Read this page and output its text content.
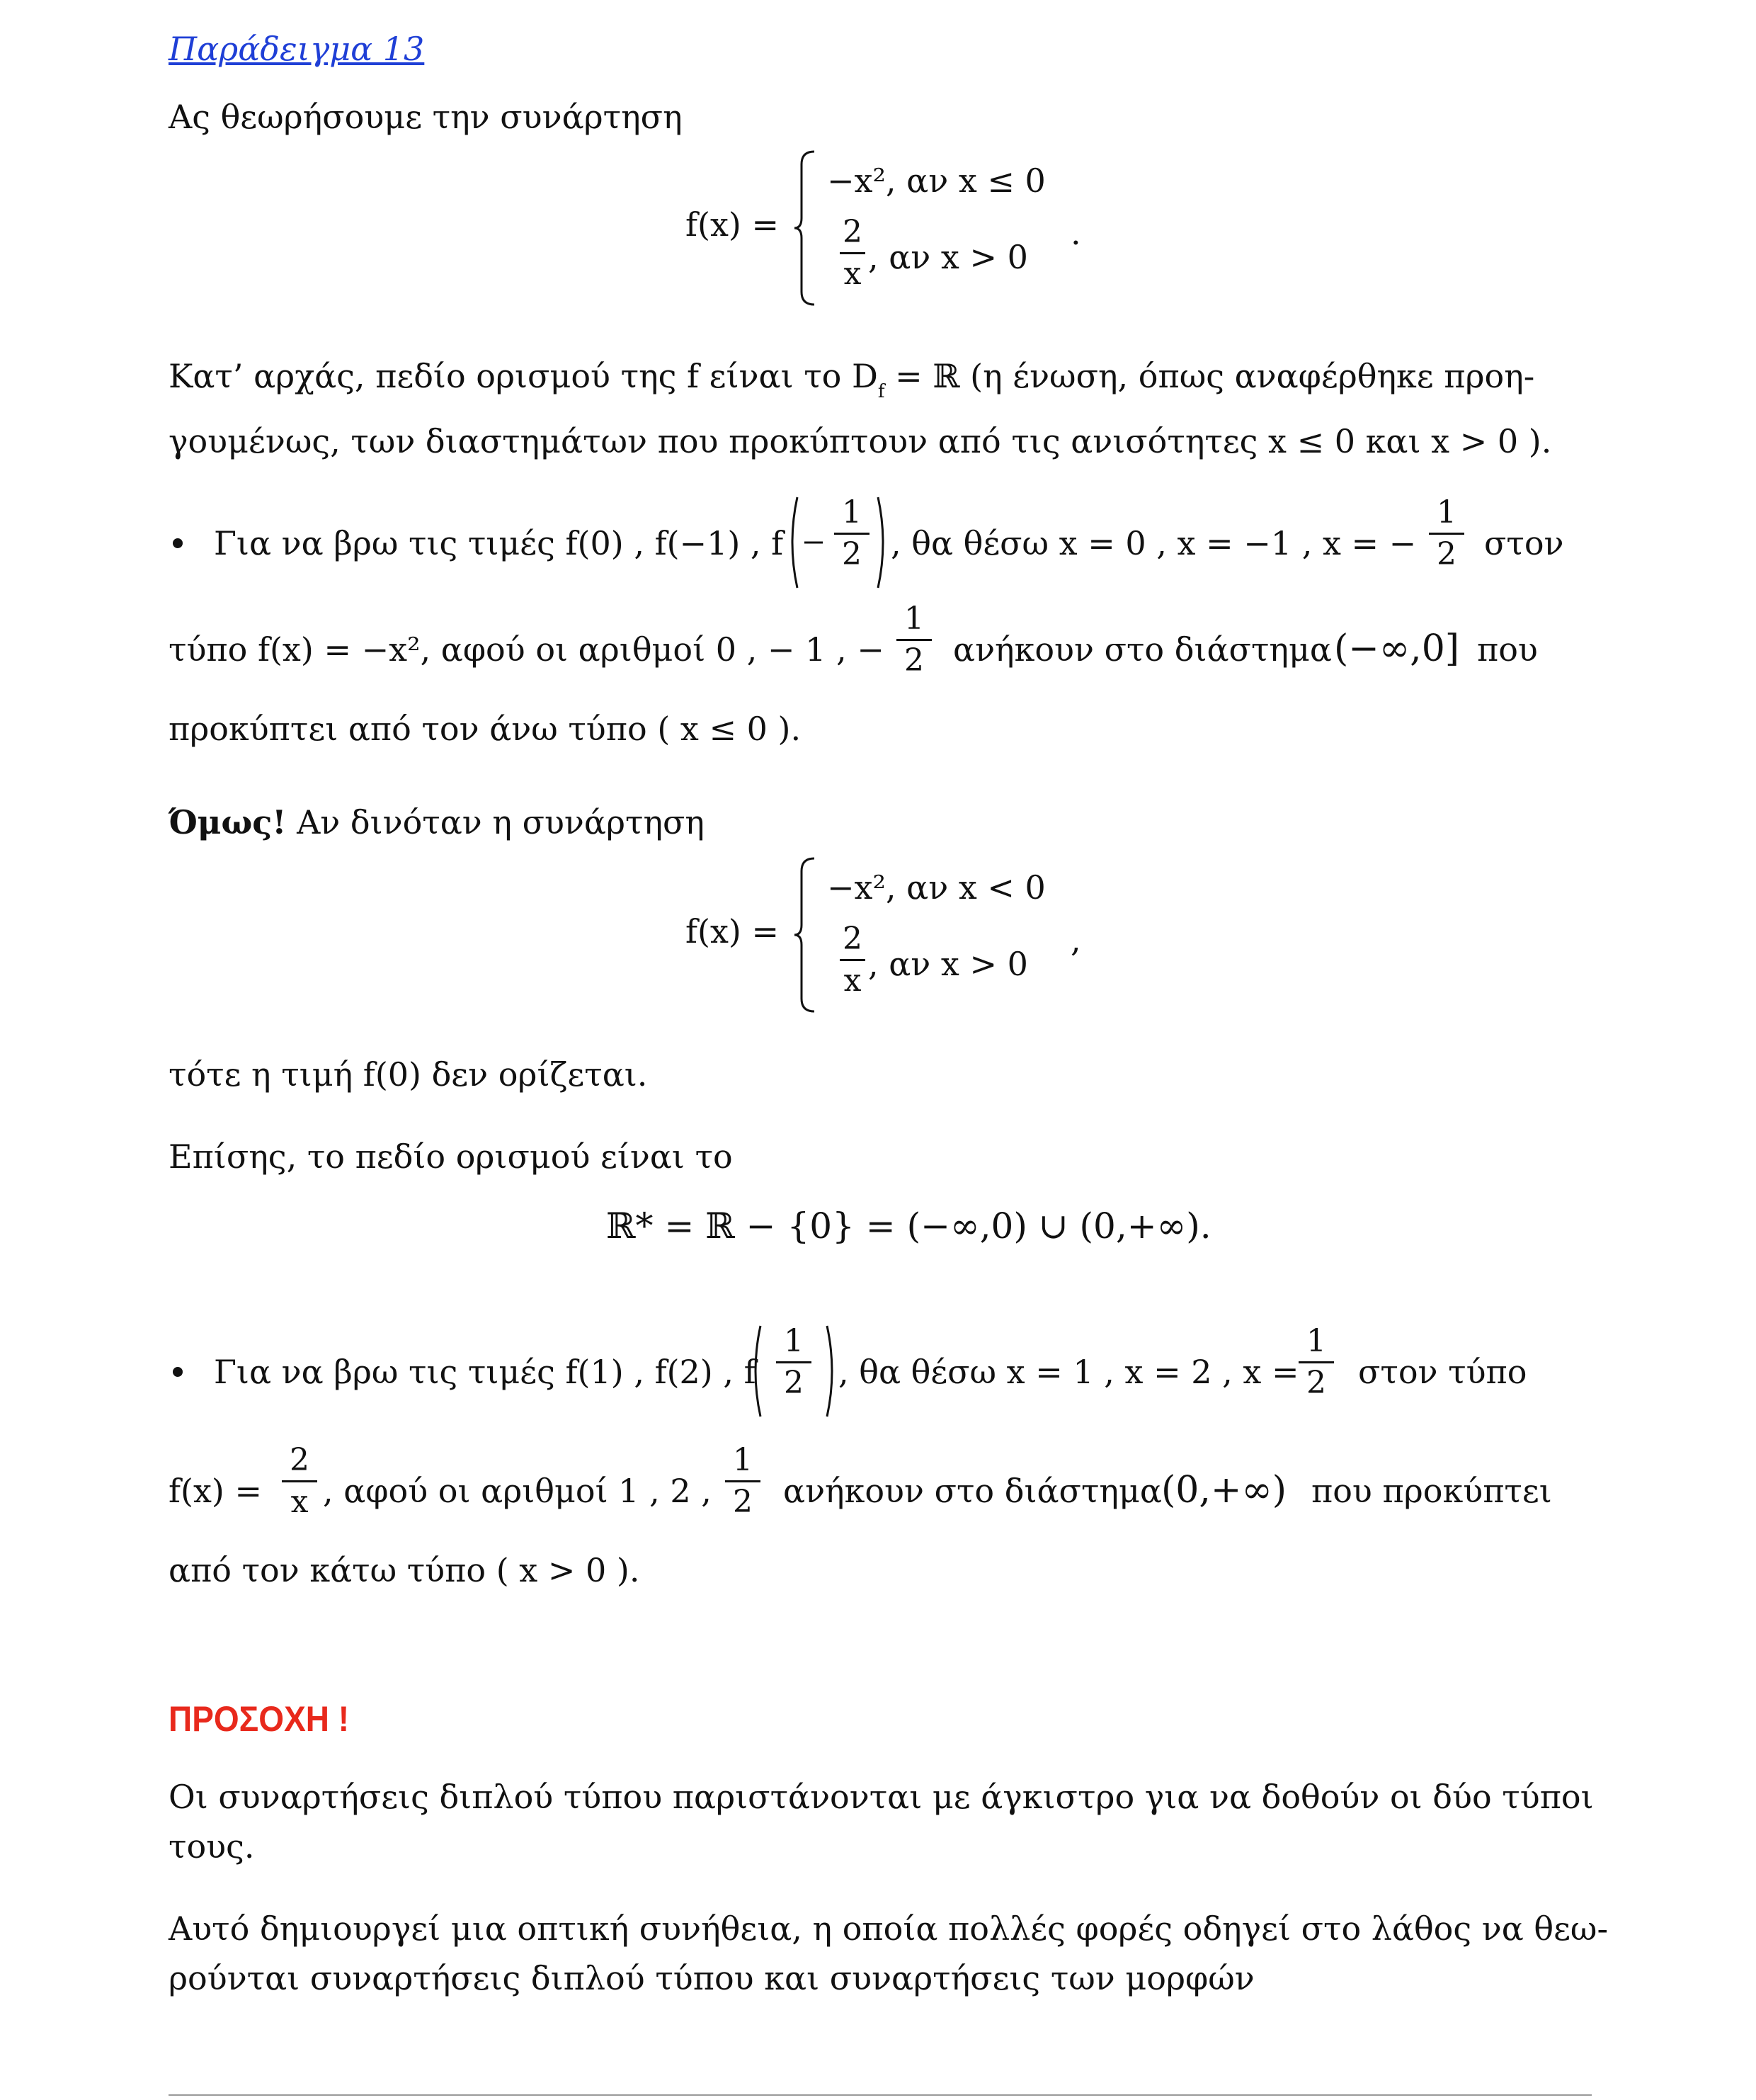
Παράδειγμα 13
Ας θεωρήσουμε την συνάρτηση
f(x) =
−x², αν x ≤ 0
2
x , αν x > 0
.
Κατ’ αρχάς, πεδίο ορισμού της f είναι το $D_f$ = ℝ (η ένωση, όπως αναφέρθηκε προη-
γουμένως, των διαστημάτων που προκύπτουν από τις ανισότητες x ≤ 0 και x > 0 ).
Για να βρω τις τιμές f(0) , f(−1) , f
1
2 , θα θέσω x = 0 , x = −1 , x = −
1
2 στον
τύπο f(x) = −x², αφού οι αριθμοί 0 , − 1 , −
1
2 ανήκουν στο διάστημα (−∞,0] που
προκύπτει από τον άνω τύπο ( x ≤ 0 ).
Όμως! Αν δινόταν η συνάρτηση
f(x) =
−x², αν x < 0
2
x , αν x > 0
,
τότε η τιμή f(0) δεν ορίζεται.
Επίσης, το πεδίο ορισμού είναι το
ℝ* = ℝ − {0} = (−∞,0) ∪ (0,+∞).
Για να βρω τις τιμές f(1) , f(2) , f
1
2 , θα θέσω x = 1 , x = 2 , x =
1
2 στον τύπο
f(x) =
2
x , αφού οι αριθμοί 1 , 2 ,
1
2 ανήκουν στο διάστημα (0,+∞) που προκύπτει
από τον κάτω τύπο ( x > 0 ).
ΠΡΟΣΟΧΗ !
Οι συναρτήσεις διπλού τύπου παριστάνονται με άγκιστρο για να δοθούν οι δύο τύποι
τους.
Αυτό δημιουργεί μια οπτική συνήθεια, η οποία πολλές φορές οδηγεί στο λάθος να θεω-
ρούνται συναρτήσεις διπλού τύπου και συναρτήσεις των μορφών
